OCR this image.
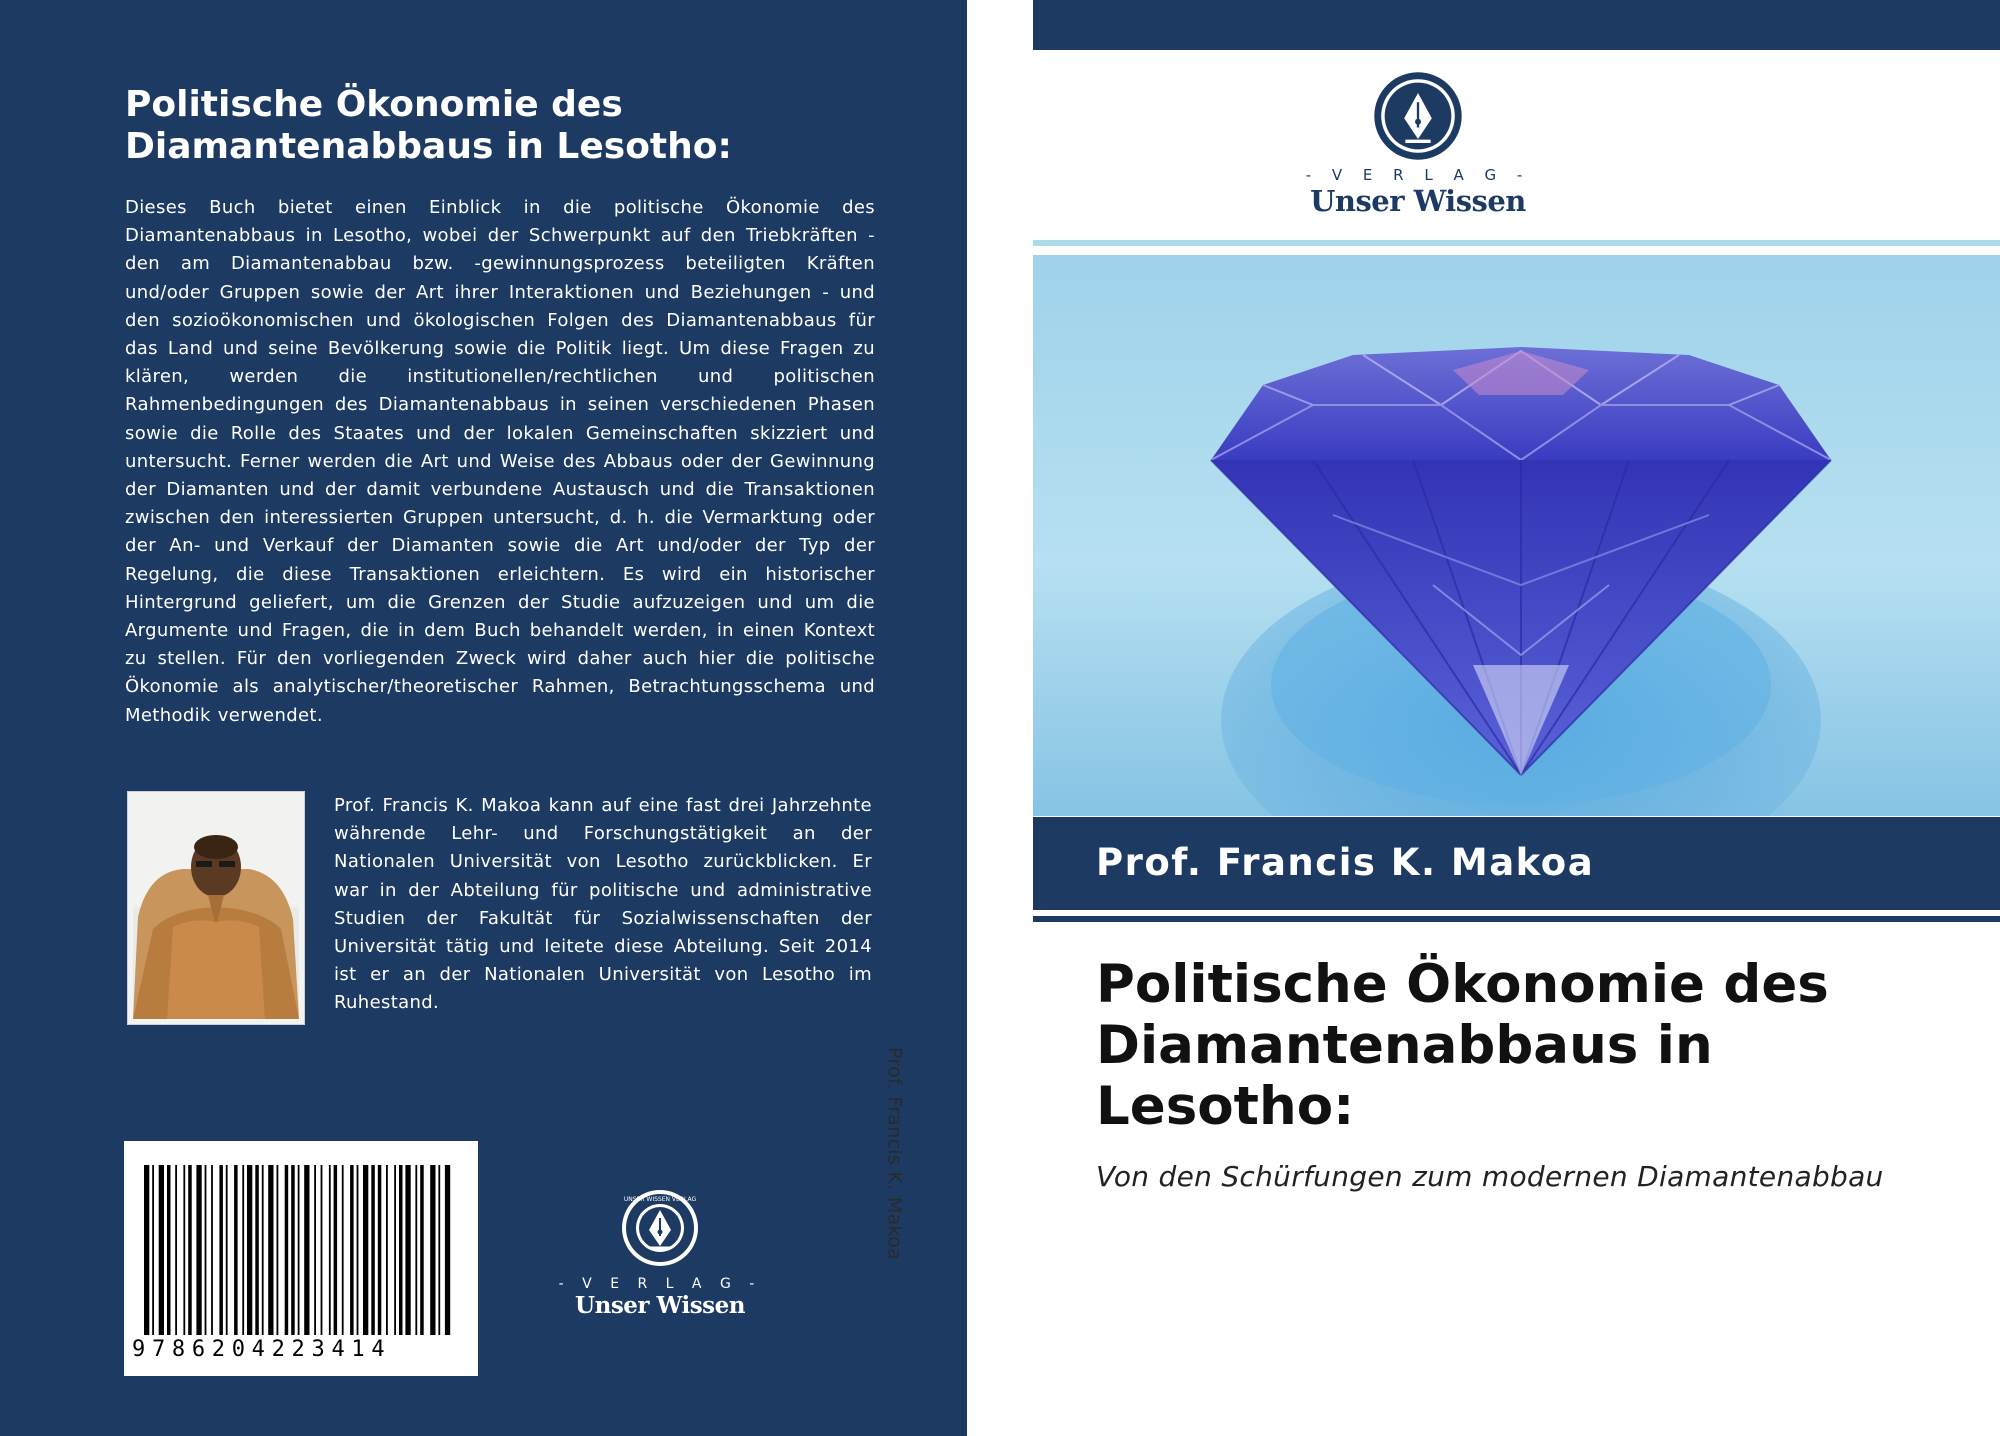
Politische Ökonomie des Diamantenabbaus in Lesotho:

Dieses Buch bietet einen Einblick in die politische Ökonomie des Diamantenabbaus in Lesotho, wobei der Schwerpunkt auf den Triebkräften - den am Diamantenabbau bzw. -gewinnungsprozess beteiligten Kräften und/oder Gruppen sowie der Art ihrer Interaktionen und Beziehungen - und den sozioökonomischen und ökologischen Folgen des Diamantenabbaus für das Land und seine Bevölkerung sowie die Politik liegt. Um diese Fragen zu klären, werden die institutionellen/rechtlichen und politischen Rahmenbedingungen des Diamantenabbaus in seinen verschiedenen Phasen sowie die Rolle des Staates und der lokalen Gemeinschaften skizziert und untersucht. Ferner werden die Art und Weise des Abbaus oder der Gewinnung der Diamanten und der damit verbundene Austausch und die Transaktionen zwischen den interessierten Gruppen untersucht, d. h. die Vermarktung oder der An- und Verkauf der Diamanten sowie die Art und/oder der Typ der Regelung, die diese Transaktionen erleichtern. Es wird ein historischer Hintergrund geliefert, um die Grenzen der Studie aufzuzeigen und um die Argumente und Fragen, die in dem Buch behandelt werden, in einen Kontext zu stellen. Für den vorliegenden Zweck wird daher auch hier die politische Ökonomie als analytischer/theoretischer Rahmen, Betrachtungsschema und Methodik verwendet.

Prof. Francis K. Makoa kann auf eine fast drei Jahrzehnte währende Lehr- und Forschungstätigkeit an der Nationalen Universität von Lesotho zurückblicken. Er war in der Abteilung für politische und administrative Studien der Fakultät für Sozialwissenschaften der Universität tätig und leitete diese Abteilung. Seit 2014 ist er an der Nationalen Universität von Lesotho im Ruhestand.

9786204223414
UNSER WISSEN VERLAG
- V E R L A G -
Unser Wissen
Prof. Francis K. Makoa
- V E R L A G -
Unser Wissen
Prof. Francis K. Makoa
Politische Ökonomie des Diamantenabbaus in Lesotho:

Von den Schürfungen zum modernen Diamantenabbau
